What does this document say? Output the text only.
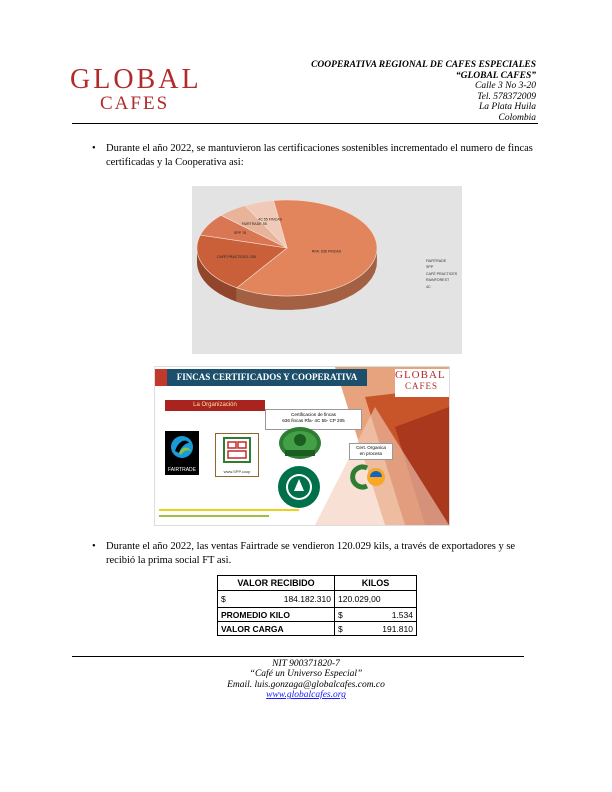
GLOBAL
CAFES
COOPERATIVA REGIONAL DE CAFES ESPECIALES
“GLOBAL CAFES”
Calle 3 No 3-20
Tel. 578372009
La Plata Huila
Colombia
• Durante el año 2022, se mantuvieron las certificaciones sostenibles incrementado el numero de fincas certificadas y la Cooperativa asi:
RFA: 636 FINCAS
CAFÉ PRACTICES: 205
SPP 78
FAIRTRADE 55
4C 55 FINCAS
FAIRTRADE
SPP
CAFÉ PRACTICES
RAINFOREST
4C
FINCAS CERTIFICADOS Y COOPERATIVA	GLOBAL
CAFES
La Organización
Certificacion de fincas
636 fincas Rfa- 4C 55- CP 205
FAIRTRADE	www.SPP.coop
Cert. Organica
en proceso
• Durante el año 2022, las ventas Fairtrade se vendieron 120.029 kils, a través de exportadores y se recibió la prima social FT asi.
VALOR RECIBIDO	KILOS

$ 184.182.310	120.029,00
PROMEDIO KILO	$ 1.534

VALOR CARGA	$ 191.810
NIT 900371820-7
“Café un Universo Especial”
Email. luis.gonzaga@globalcafes.com.co
www.globalcafes.org
